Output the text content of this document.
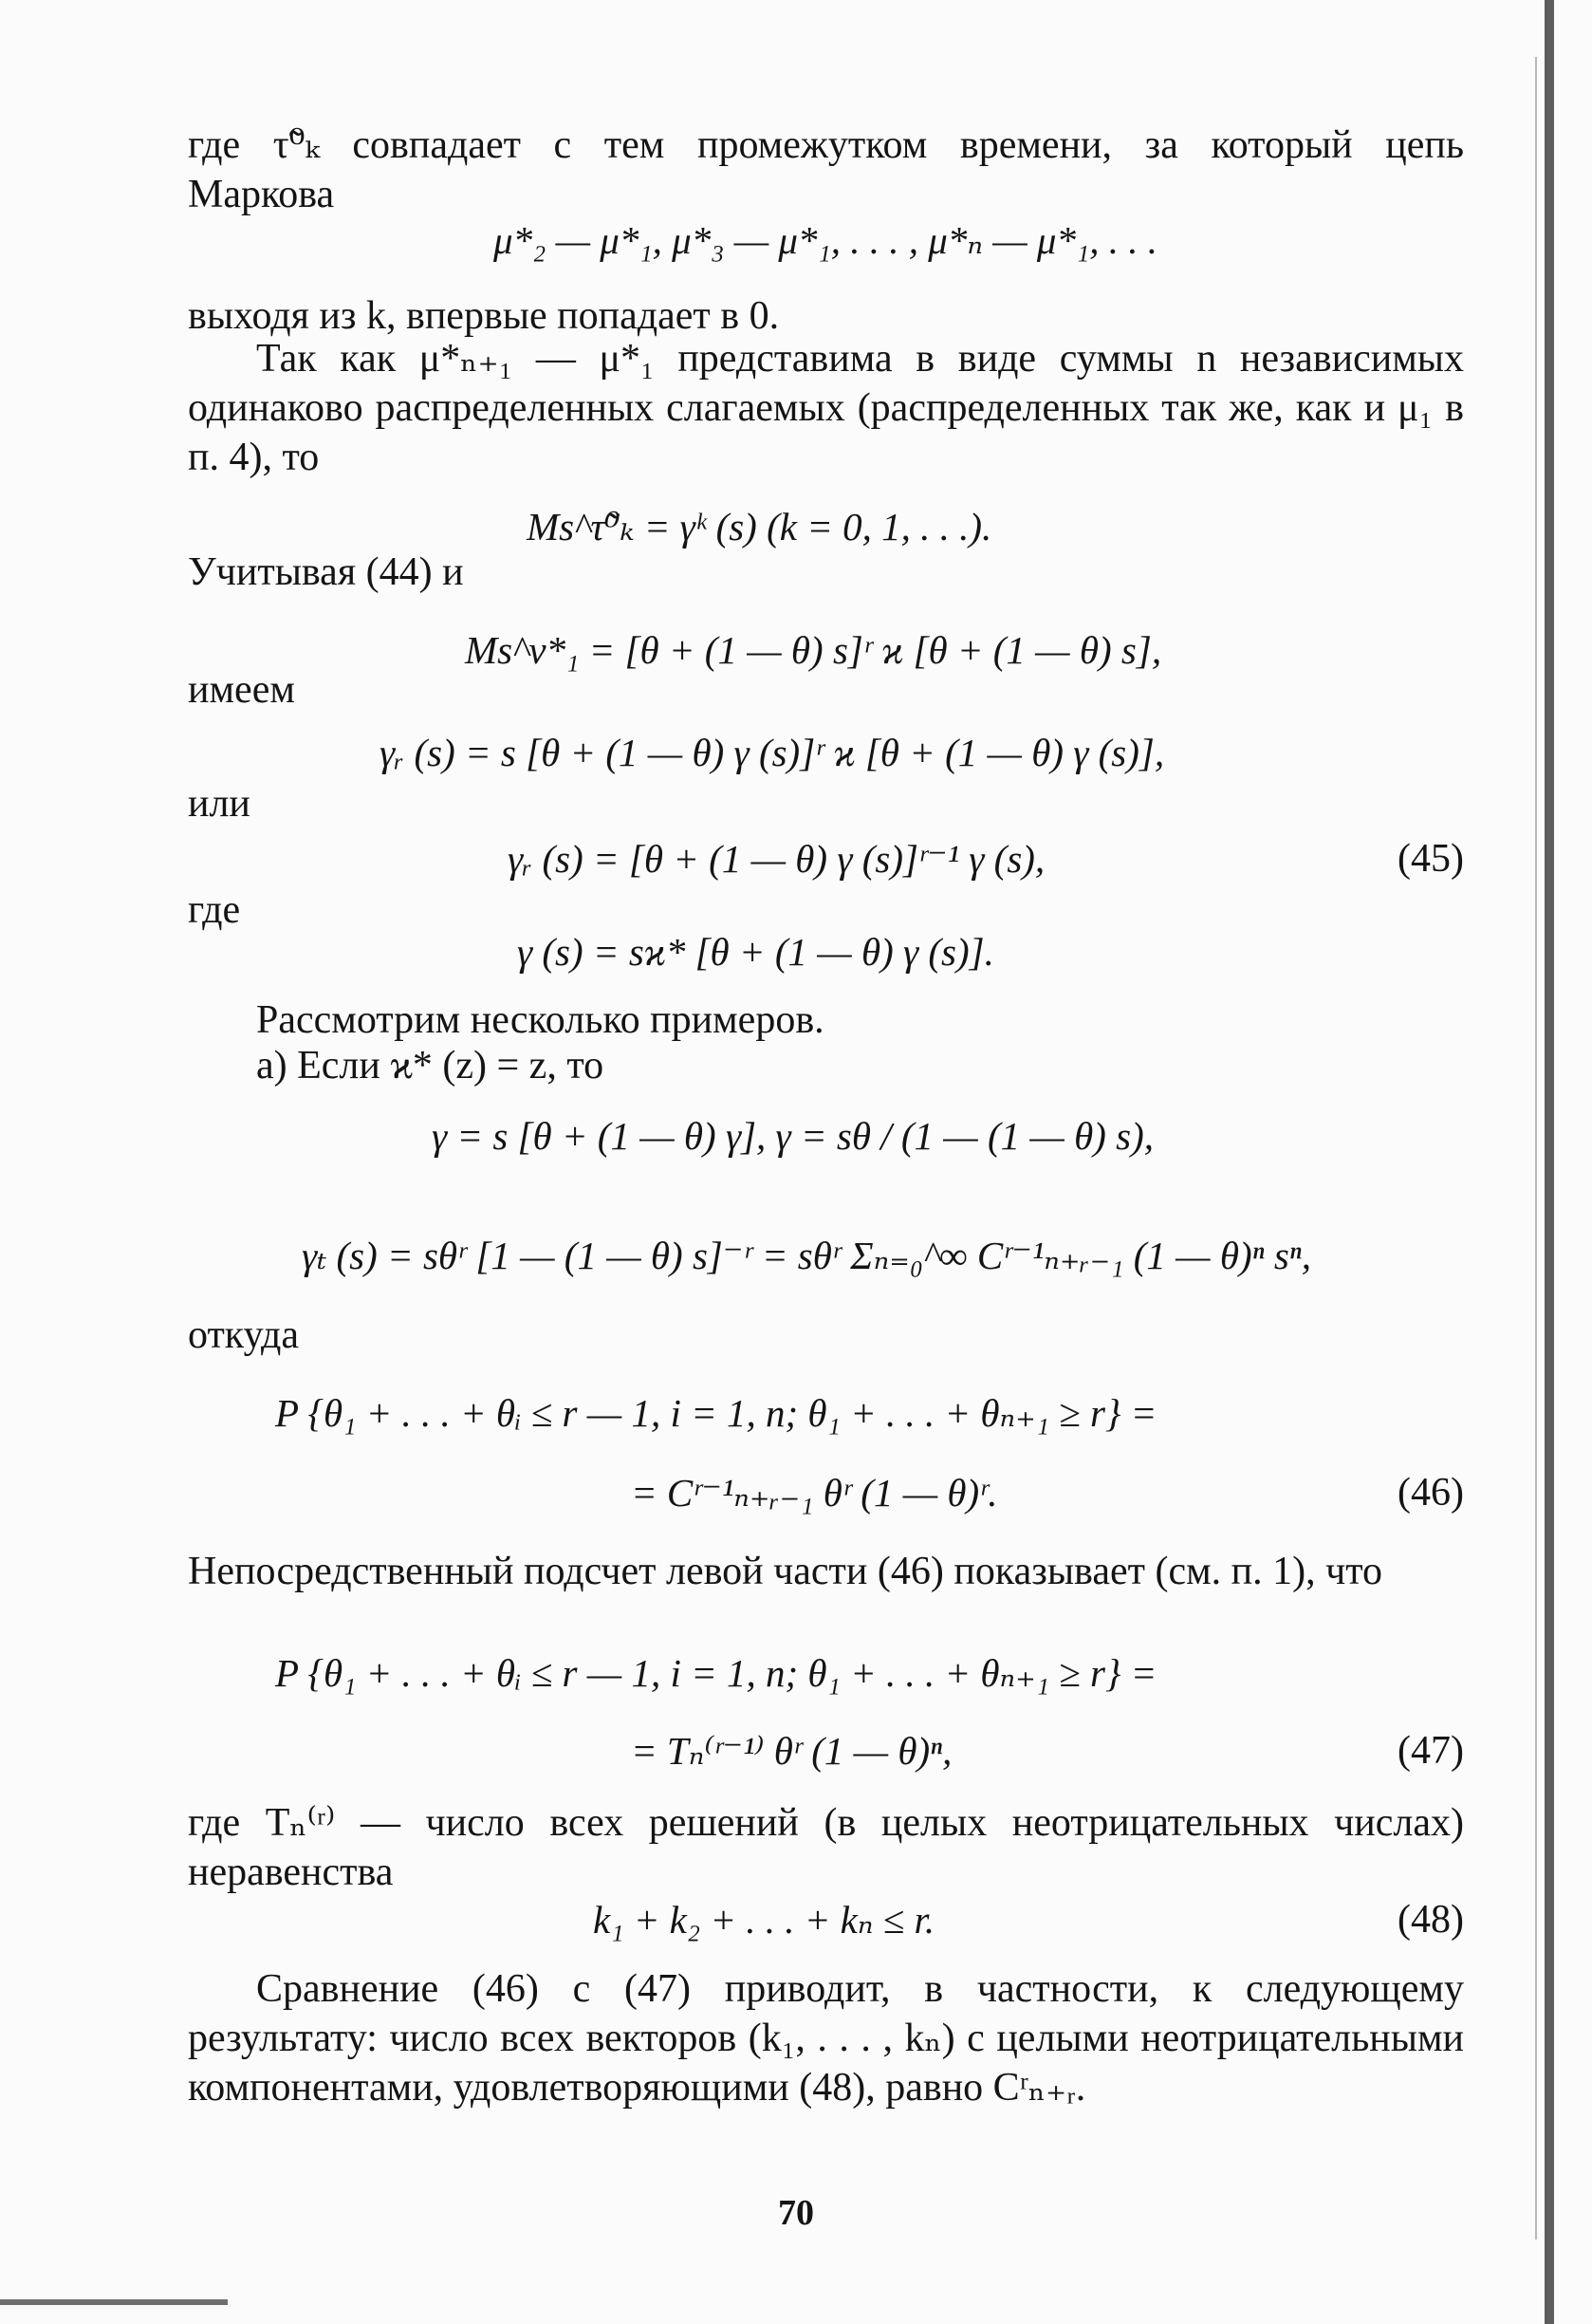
где τ̃⁰ₖ совпадает с тем промежутком времени, за который цепь
Маркова
μ*₂ — μ*₁, μ*₃ — μ*₁, . . . , μ*ₙ — μ*₁, . . .
выходя из k, впервые попадает в 0.
Так как μ*ₙ₊₁ — μ*₁ представима в виде суммы n независимых одинаково распределенных слагаемых (распределенных так же, как и μ₁ в п. 4), то
Ms^τ̃⁰ₖ = γᵏ (s) (k = 0, 1, . . .).
Учитывая (44) и
Ms^ν*₁ = [θ + (1 — θ) s]ʳ ϰ [θ + (1 — θ) s],
имеем
γᵣ (s) = s [θ + (1 — θ) γ (s)]ʳ ϰ [θ + (1 — θ) γ (s)],
или
γᵣ (s) = [θ + (1 — θ) γ (s)]ʳ⁻¹ γ (s),	(45)
где
γ (s) = sϰ* [θ + (1 — θ) γ (s)].
Рассмотрим несколько примеров.
а) Если ϰ* (z) = z, то
γ = s [θ + (1 — θ) γ], γ = sθ / (1 — (1 — θ) s),
γₜ (s) = sθʳ [1 — (1 — θ) s]⁻ʳ = sθʳ Σₙ₌₀^∞ Cʳ⁻¹ₙ₊ᵣ₋₁ (1 — θ)ⁿ sⁿ,
откуда
P {θ₁ + . . . + θᵢ ≤ r — 1, i = 1, n; θ₁ + . . . + θₙ₊₁ ≥ r} =
= Cʳ⁻¹ₙ₊ᵣ₋₁ θʳ (1 — θ)ʳ.	(46)
Непосредственный подсчет левой части (46) показывает (см. п. 1), что
P {θ₁ + . . . + θᵢ ≤ r — 1, i = 1, n; θ₁ + . . . + θₙ₊₁ ≥ r} =
= Tₙ⁽ʳ⁻¹⁾ θʳ (1 — θ)ⁿ,	(47)
где Tₙ⁽ʳ⁾ — число всех решений (в целых неотрицательных числах) неравенства
k₁ + k₂ + . . . + kₙ ≤ r.	(48)
Сравнение (46) с (47) приводит, в частности, к следующему результату: число всех векторов (k₁, . . . , kₙ) с целыми неотрицательными компонентами, удовлетворяющими (48), равно Cʳₙ₊ᵣ.
70
